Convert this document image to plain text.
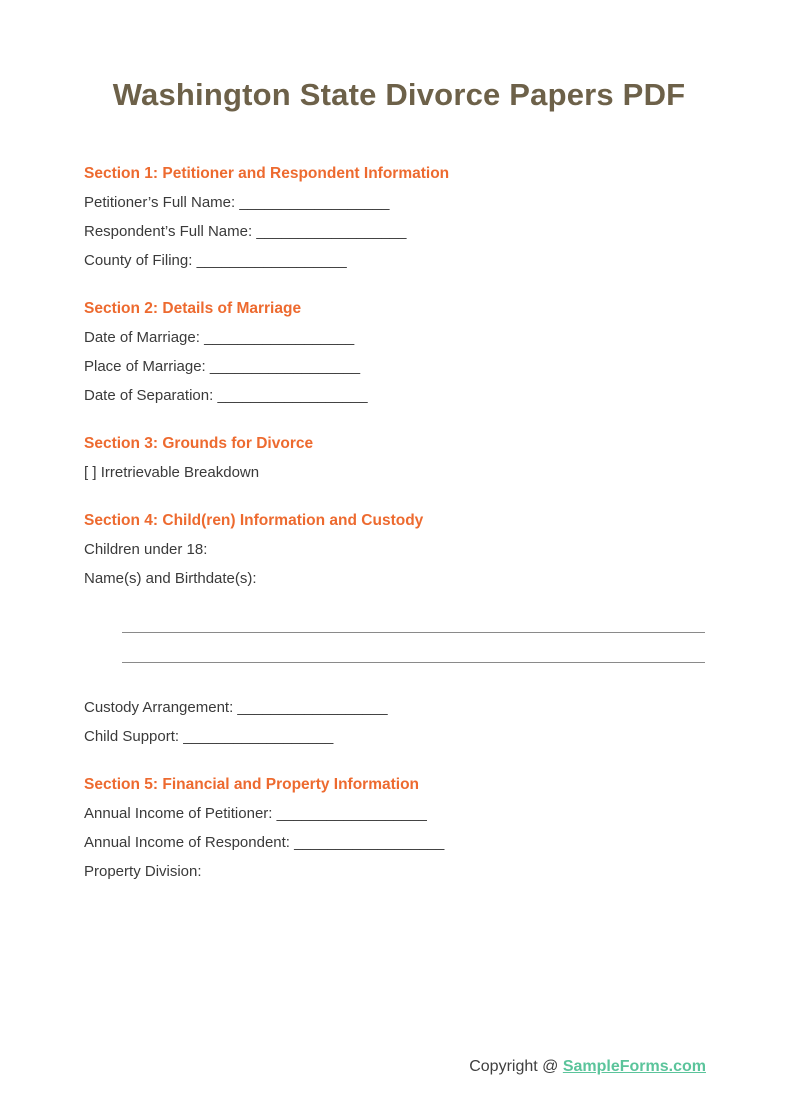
Washington State Divorce Papers PDF
Section 1: Petitioner and Respondent Information

Petitioner’s Full Name: __________________

Respondent’s Full Name: __________________

County of Filing: __________________

Section 2: Details of Marriage

Date of Marriage: __________________

Place of Marriage: __________________

Date of Separation: __________________

Section 3: Grounds for Divorce

[ ] Irretrievable Breakdown

Section 4: Child(ren) Information and Custody

Children under 18:

Name(s) and Birthdate(s):

Custody Arrangement: __________________

Child Support: __________________

Section 5: Financial and Property Information

Annual Income of Petitioner: __________________

Annual Income of Respondent: __________________

Property Division:

Copyright @ SampleForms.com
